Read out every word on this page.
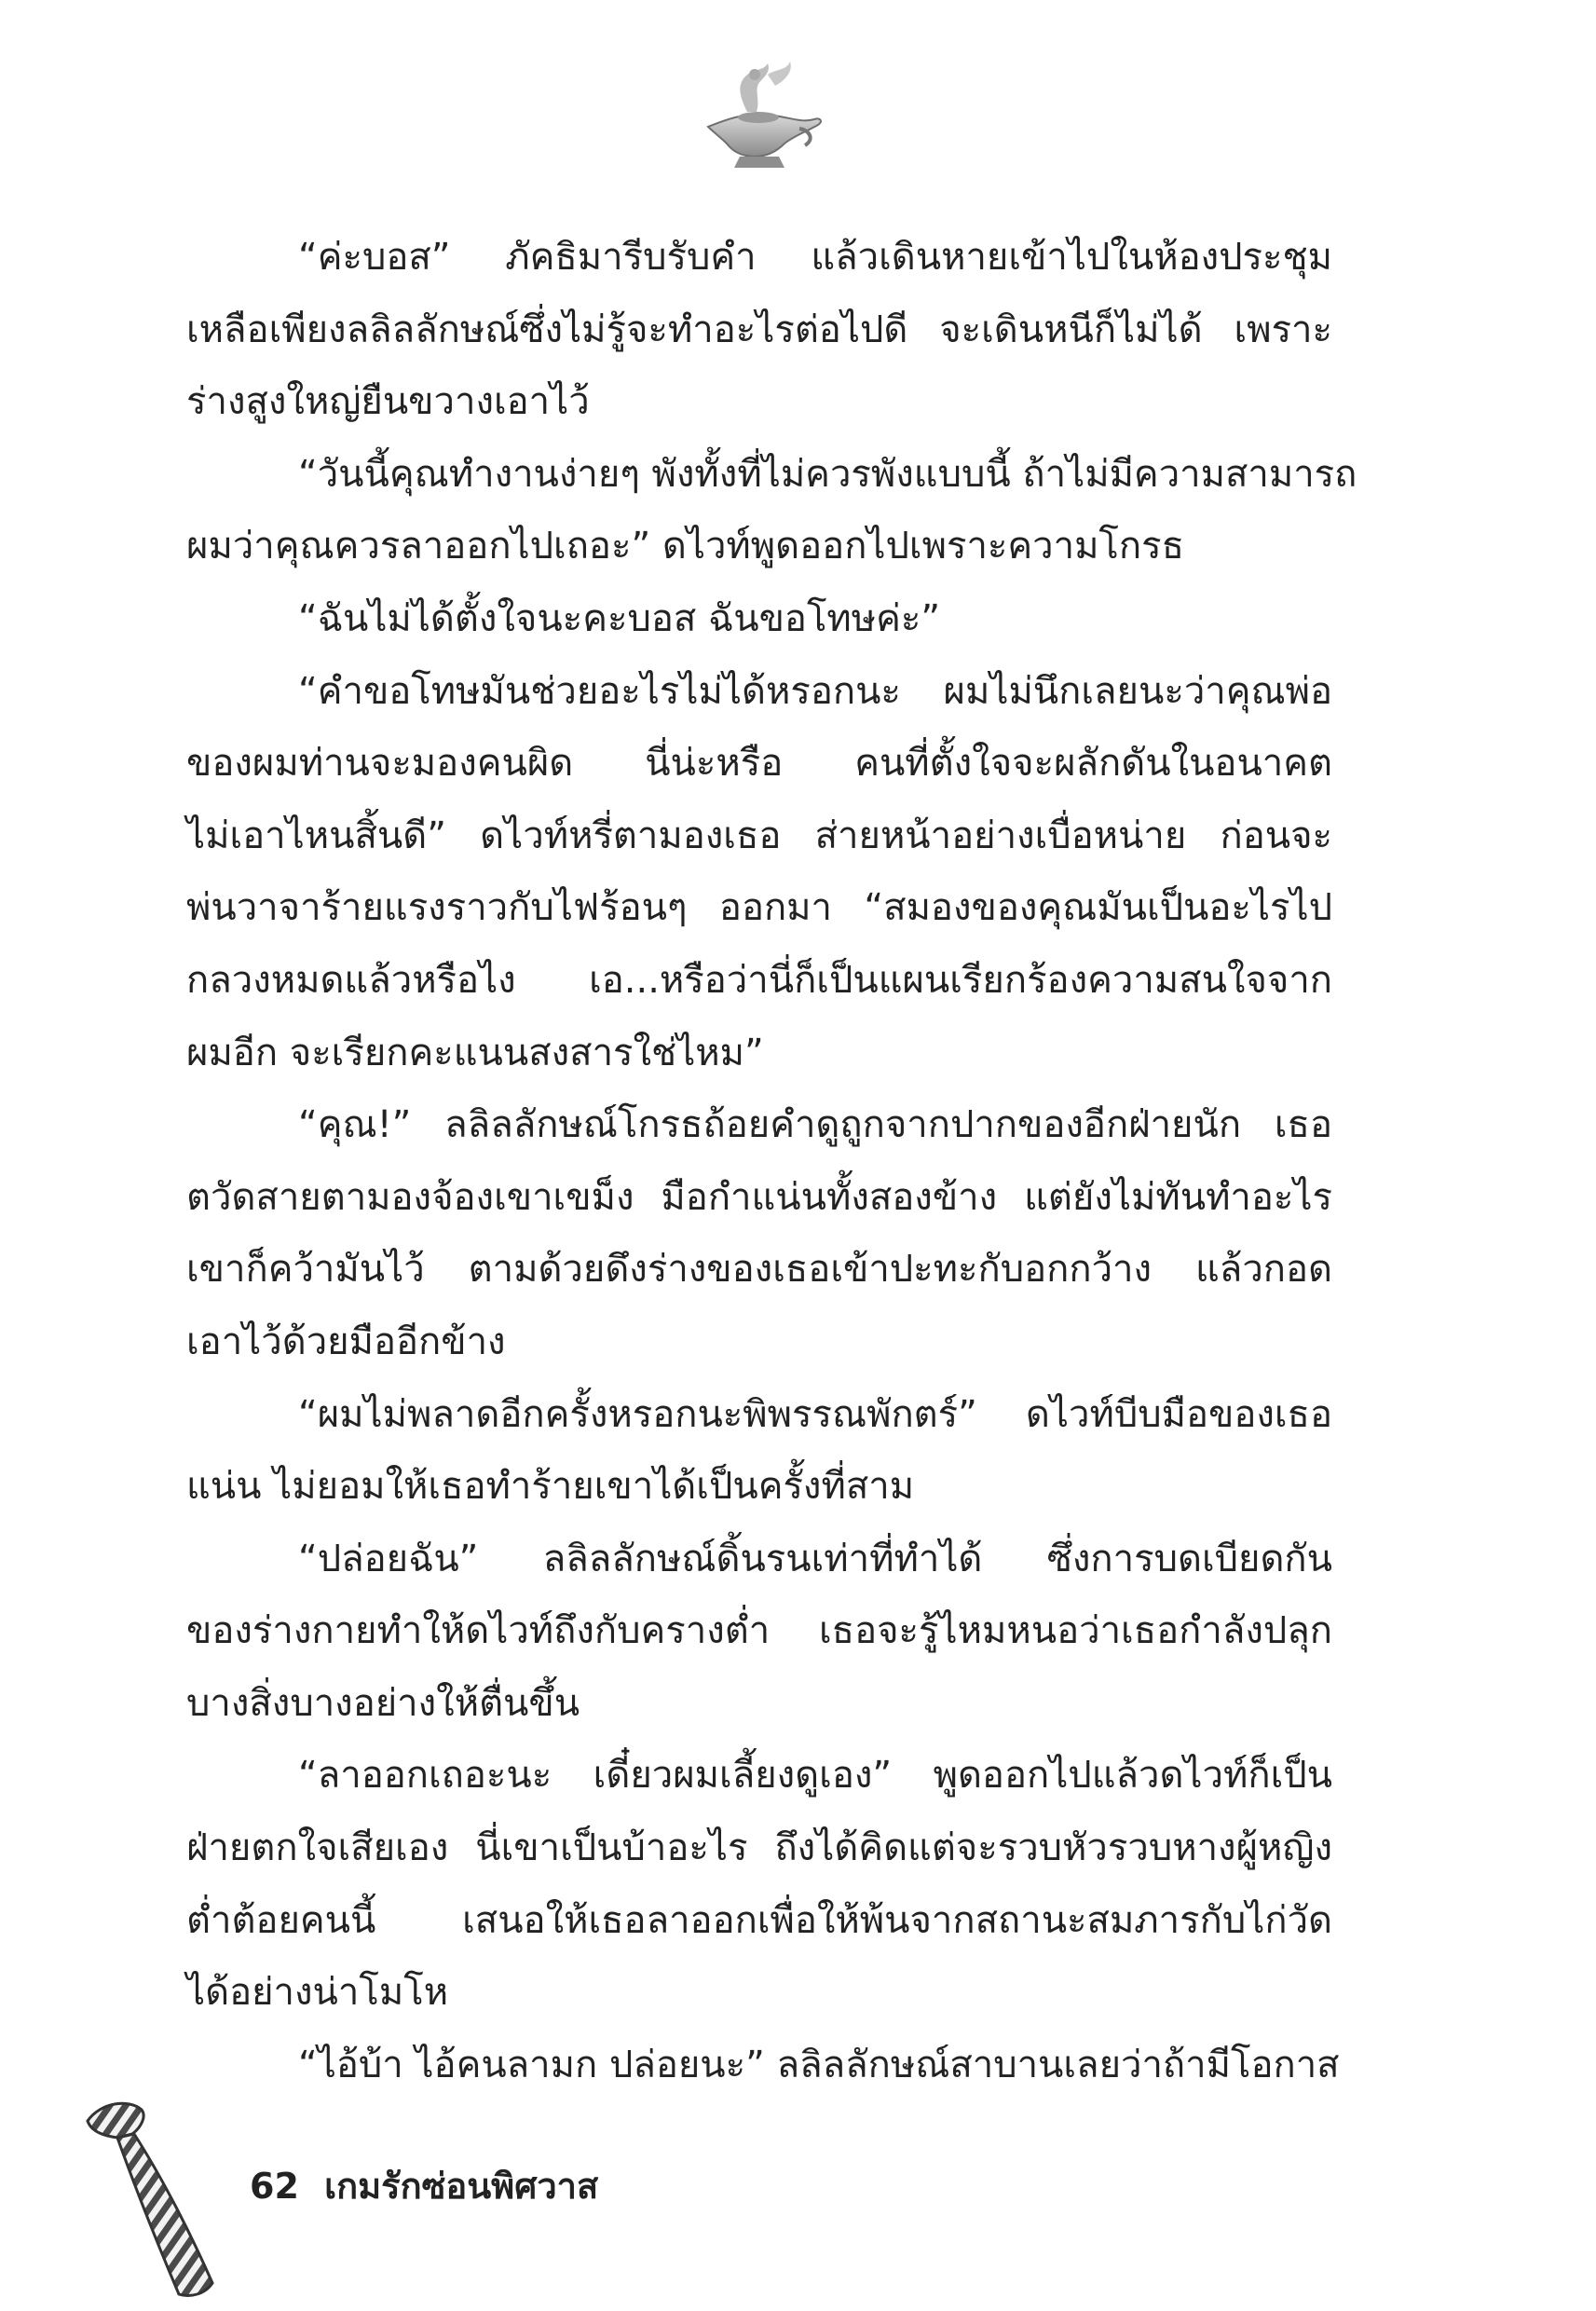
“ค่ะบอส” ภัคธิมารีบรับคำ แล้วเดินหายเข้าไปในห้องประชุม
เหลือเพียงลลิลลักษณ์ซึ่งไม่รู้จะทำอะไรต่อไปดี จะเดินหนีก็ไม่ได้ เพราะ
ร่างสูงใหญ่ยืนขวางเอาไว้
“วันนี้คุณทำงานง่ายๆ พังทั้งที่ไม่ควรพังแบบนี้ ถ้าไม่มีความสามารถ
ผมว่าคุณควรลาออกไปเถอะ” ดไวท์พูดออกไปเพราะความโกรธ
“ฉันไม่ได้ตั้งใจนะคะบอส ฉันขอโทษค่ะ”
“คำขอโทษมันช่วยอะไรไม่ได้หรอกนะ ผมไม่นึกเลยนะว่าคุณพ่อ
ของผมท่านจะมองคนผิด นี่น่ะหรือ คนที่ตั้งใจจะผลักดันในอนาคต
ไม่เอาไหนสิ้นดี” ดไวท์หรี่ตามองเธอ ส่ายหน้าอย่างเบื่อหน่าย ก่อนจะ
พ่นวาจาร้ายแรงราวกับไฟร้อนๆ ออกมา “สมองของคุณมันเป็นอะไรไป
กลวงหมดแล้วหรือไง เอ...หรือว่านี่ก็เป็นแผนเรียกร้องความสนใจจาก
ผมอีก จะเรียกคะแนนสงสารใช่ไหม”
“คุณ!” ลลิลลักษณ์โกรธถ้อยคำดูถูกจากปากของอีกฝ่ายนัก เธอ
ตวัดสายตามองจ้องเขาเขม็ง มือกำแน่นทั้งสองข้าง แต่ยังไม่ทันทำอะไร
เขาก็คว้ามันไว้ ตามด้วยดึงร่างของเธอเข้าปะทะกับอกกว้าง แล้วกอด
เอาไว้ด้วยมืออีกข้าง
“ผมไม่พลาดอีกครั้งหรอกนะพิพรรณพักตร์” ดไวท์บีบมือของเธอ
แน่น ไม่ยอมให้เธอทำร้ายเขาได้เป็นครั้งที่สาม
“ปล่อยฉัน” ลลิลลักษณ์ดิ้นรนเท่าที่ทำได้ ซึ่งการบดเบียดกัน
ของร่างกายทำให้ดไวท์ถึงกับครางต่ำ เธอจะรู้ไหมหนอว่าเธอกำลังปลุก
บางสิ่งบางอย่างให้ตื่นขึ้น
“ลาออกเถอะนะ เดี๋ยวผมเลี้ยงดูเอง” พูดออกไปแล้วดไวท์ก็เป็น
ฝ่ายตกใจเสียเอง นี่เขาเป็นบ้าอะไร ถึงได้คิดแต่จะรวบหัวรวบหางผู้หญิง
ต่ำต้อยคนนี้ เสนอให้เธอลาออกเพื่อให้พ้นจากสถานะสมภารกับไก่วัด
ได้อย่างน่าโมโห
“ไอ้บ้า ไอ้คนลามก ปล่อยนะ” ลลิลลักษณ์สาบานเลยว่าถ้ามีโอกาส
62 เกมรักซ่อนพิศวาส
